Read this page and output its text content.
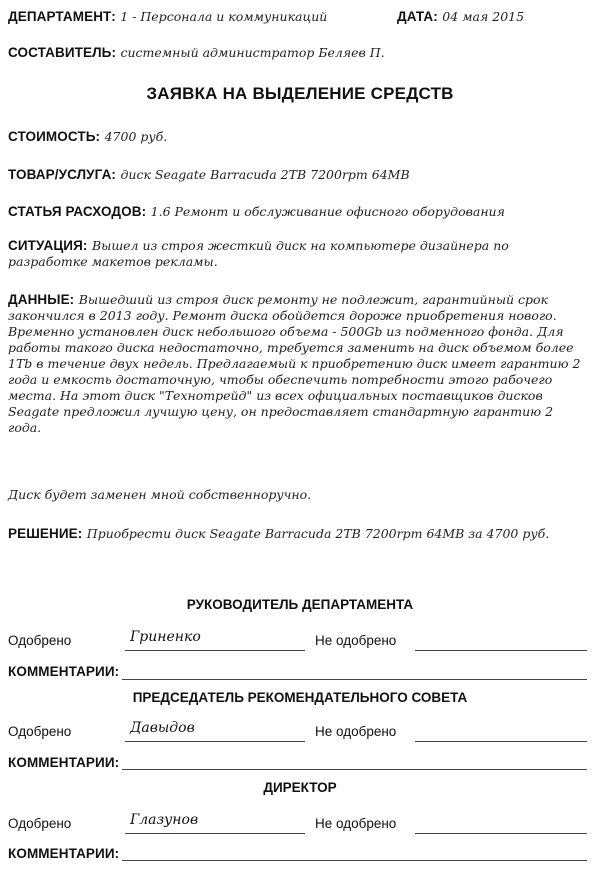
ДЕПАРТАМЕНТ: 1 - Персонала и коммуникаций	ДАТА: 04 мая 2015
СОСТАВИТЕЛЬ: системный администратор Беляев П.
ЗАЯВКА НА ВЫДЕЛЕНИЕ СРЕДСТВ
СТОИМОСТЬ: 4700 руб.
ТОВАР/УСЛУГА: диск Seagate Barracuda 2TB 7200rpm 64MB
СТАТЬЯ РАСХОДОВ: 1.6 Ремонт и обслуживание офисного оборудования
СИТУАЦИЯ: Вышел из строя жесткий диск на компьютере дизайнера по разработке макетов рекламы.
ДАННЫЕ: Вышедший из строя диск ремонту не подлежит, гарантийный срок закончился в 2013 году. Ремонт диска обойдется дороже приобретения нового. Временно установлен диск небольшого объема - 500Gb из подменного фонда. Для работы такого диска недостаточно, требуется заменить на диск объемом более 1Tb в течение двух недель. Предлагаемый к приобретению диск имеет гарантию 2 года и емкость достаточную, чтобы обеспечить потребности этого рабочего места. На этот диск "Технотрейд" из всех официальных поставщиков дисков Seagate предложил лучшую цену, он предоставляет стандартную гарантию 2 года.
Диск будет заменен мной собственноручно.
РЕШЕНИЕ: Приобрести диск Seagate Barracuda 2TB 7200rpm 64MB за 4700 руб.
РУКОВОДИТЕЛЬ ДЕПАРТАМЕНТА
Одобрено	Гриненко	Не одобрено
КОММЕНТАРИИ:
ПРЕДСЕДАТЕЛЬ РЕКОМЕНДАТЕЛЬНОГО СОВЕТА
Одобрено	Давыдов	Не одобрено
КОММЕНТАРИИ:
ДИРЕКТОР
Одобрено	Глазунов	Не одобрено
КОММЕНТАРИИ:
